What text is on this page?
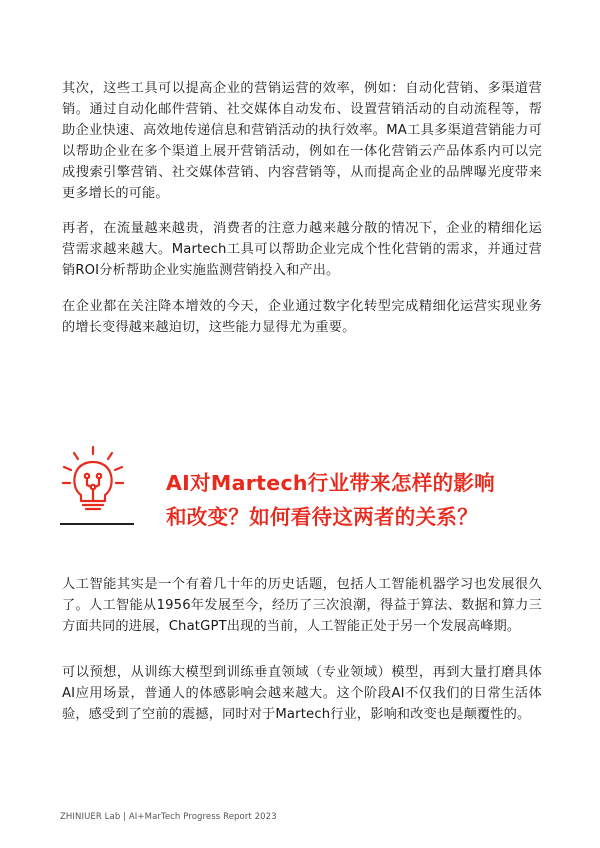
其次，这些工具可以提高企业的营销运营的效率，例如：自动化营销、多渠道营销。通过自动化邮件营销、社交媒体自动发布、设置营销活动的自动流程等，帮助企业快速、高效地传递信息和营销活动的执行效率。MA工具多渠道营销能力可以帮助企业在多个渠道上展开营销活动，例如在一体化营销云产品体系内可以完成搜索引擎营销、社交媒体营销、内容营销等，从而提高企业的品牌曝光度带来更多增长的可能。

再者，在流量越来越贵，消费者的注意力越来越分散的情况下，企业的精细化运营需求越来越大。Martech工具可以帮助企业完成个性化营销的需求，并通过营销ROI分析帮助企业实施监测营销投入和产出。

在企业都在关注降本增效的今天，企业通过数字化转型完成精细化运营实现业务的增长变得越来越迫切，这些能力显得尤为重要。

AI对Martech行业带来怎样的影响
和改变？如何看待这两者的关系？

人工智能其实是一个有着几十年的历史话题，包括人工智能机器学习也发展很久了。人工智能从1956年发展至今，经历了三次浪潮，得益于算法、数据和算力三方面共同的进展，ChatGPT出现的当前，人工智能正处于另一个发展高峰期。

可以预想，从训练大模型到训练垂直领域（专业领域）模型，再到大量打磨具体AI应用场景，普通人的体感影响会越来越大。这个阶段AI不仅我们的日常生活体验，感受到了空前的震撼，同时对于Martech行业，影响和改变也是颠覆性的。

ZHINIUER Lab | AI+MarTech Progress Report 2023
